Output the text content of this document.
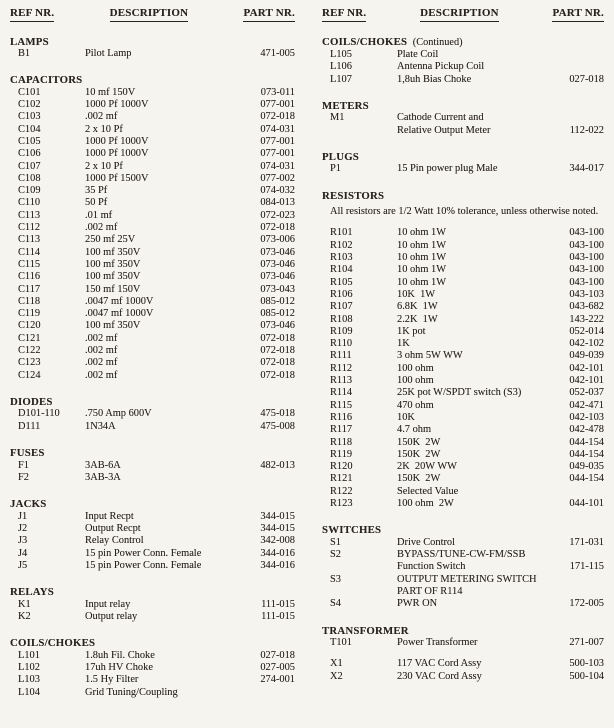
REF NR.	DESCRIPTION	PART NR.
LAMPS
B1	Pilot Lamp	471-005
CAPACITORS
C101	10 mf 150V	073-011
C102	1000 Pf 1000V	077-001
C103	.002 mf	072-018
C104	2 x 10 Pf	074-031
C105	1000 Pf 1000V	077-001
C106	1000 Pf 1000V	077-001
C107	2 x 10 Pf	074-031
C108	1000 Pf 1500V	077-002
C109	35 Pf	074-032
C110	50 Pf	084-013
C113	.01 mf	072-023
C112	.002 mf	072-018
C113	250 mf 25V	073-006
C114	100 mf 350V	073-046
C115	100 mf 350V	073-046
C116	100 mf 350V	073-046
C117	150 mf 150V	073-043
C118	.0047 mf 1000V	085-012
C119	.0047 mf 1000V	085-012
C120	100 mf 350V	073-046
C121	.002 mf	072-018
C122	.002 mf	072-018
C123	.002 mf	072-018
C124	.002 mf	072-018
DIODES
D101-110	.750 Amp 600V	475-018
D111	1N34A	475-008
FUSES
F1	3AB-6A	482-013
F2	3AB-3A
JACKS
J1	Input Recpt	344-015
J2	Output Recpt	344-015
J3	Relay Control	342-008
J4	15 pin Power Conn. Female	344-016
J5	15 pin Power Conn. Female	344-016
RELAYS
K1	Input relay	111-015
K2	Output relay	111-015
COILS/CHOKES
L101	1.8uh Fil. Choke	027-018
L102	17uh HV Choke	027-005
L103	1.5 Hy Filter	274-001
L104	Grid Tuning/Coupling
REF NR.	DESCRIPTION	PART NR.
COILS/CHOKES (Continued)
L105	Plate Coil
L106	Antenna Pickup Coil
L107	1,8uh Bias Choke	027-018
METERS
M1	Cathode Current and
Relative Output Meter	112-022
PLUGS
P1	15 Pin power plug Male	344-017
RESISTORS
All resistors are 1/2 Watt 10% tolerance, unless otherwise noted.
R101	10 ohm 1W	043-100
R102	10 ohm 1W	043-100
R103	10 ohm 1W	043-100
R104	10 ohm 1W	043-100
R105	10 ohm 1W	043-100
R106	10K  1W	043-103
R107	6.8K  1W	043-682
R108	2.2K  1W	143-222
R109	1K pot	052-014
R110	1K	042-102
R111	3 ohm 5W WW	049-039
R112	100 ohm	042-101
R113	100 ohm	042-101
R114	25K pot W/SPDT switch (S3)	052-037
R115	470 ohm	042-471
R116	10K	042-103
R117	4.7 ohm	042-478
R118	150K  2W	044-154
R119	150K  2W	044-154
R120	2K  20W WW	049-035
R121	150K  2W	044-154
R122	Selected Value
R123	100 ohm  2W	044-101
SWITCHES
S1	Drive Control	171-031
S2	BYPASS/TUNE-CW-FM/SSB
Function Switch	171-115
S3	OUTPUT METERING SWITCH
PART OF R114
S4	PWR ON	172-005
TRANSFORMER
T101	Power Transformer	271-007
X1	117 VAC Cord Assy	500-103
X2	230 VAC Cord Assy	500-104
